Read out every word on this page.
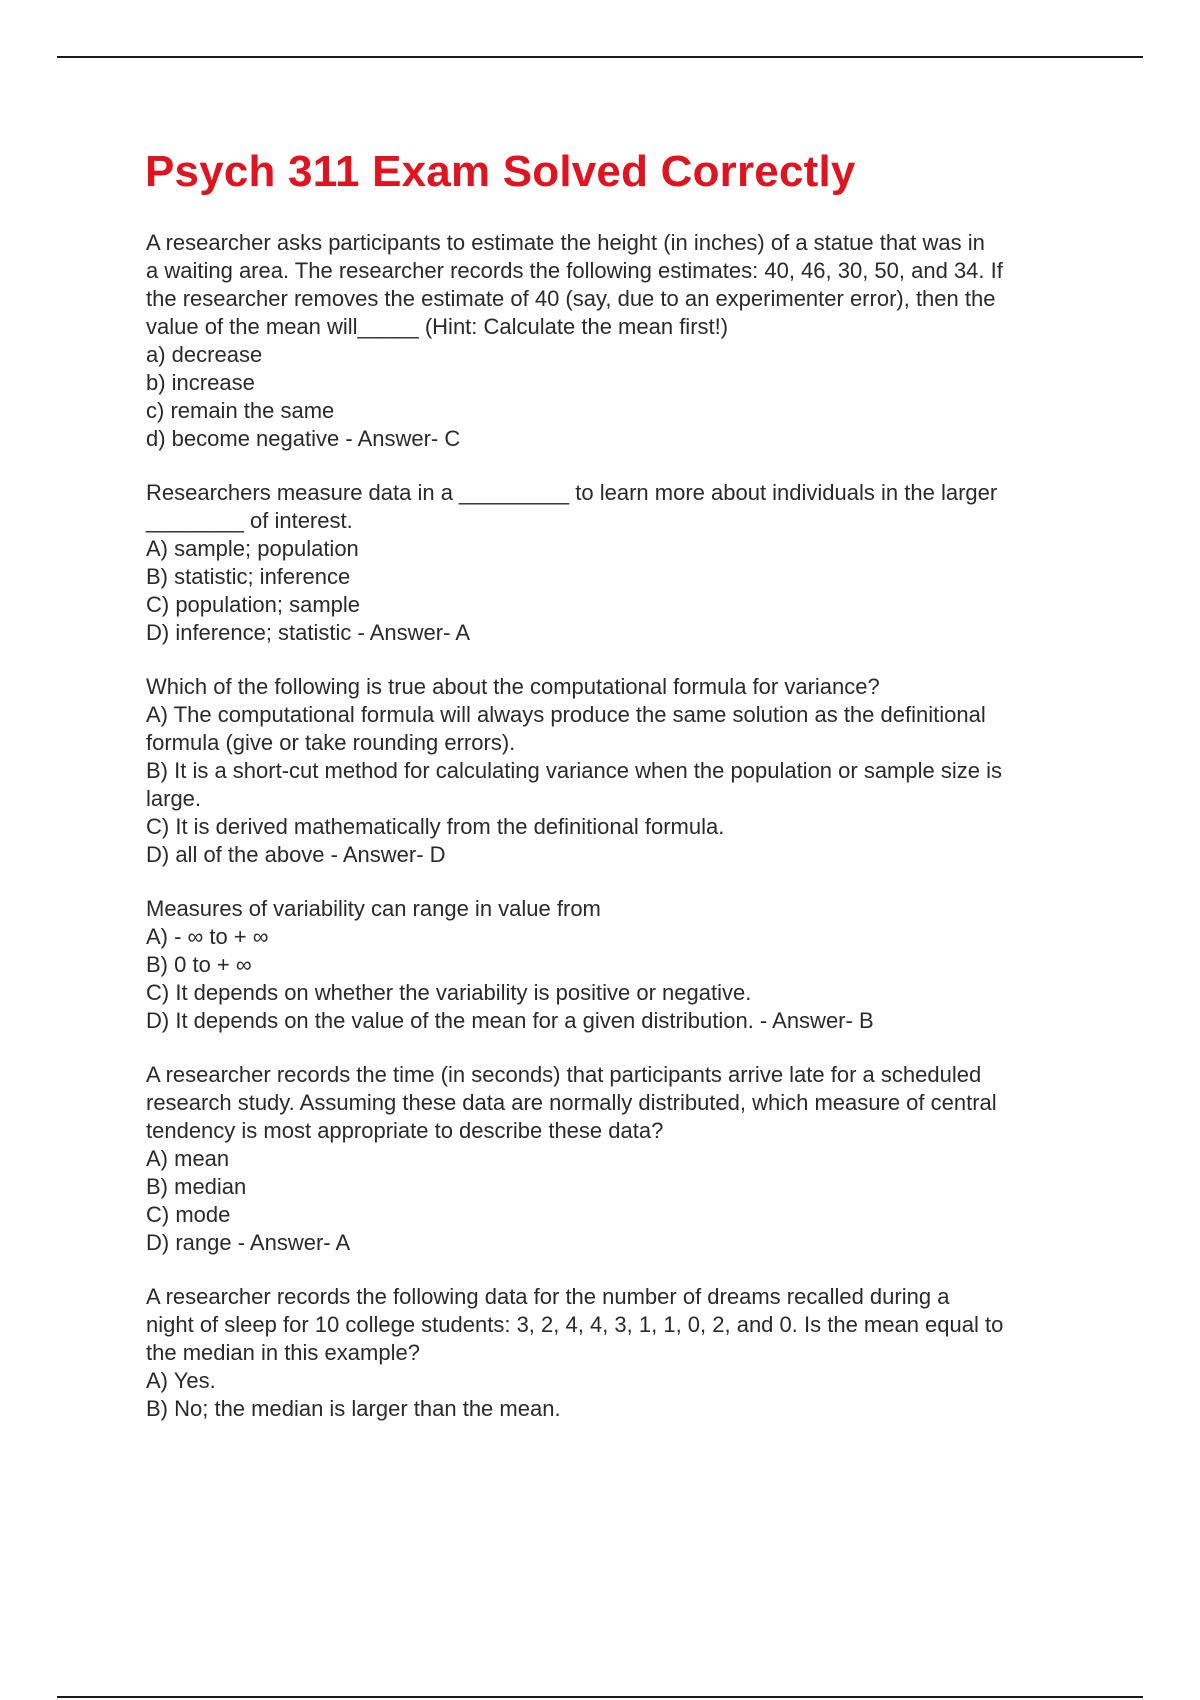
Psych 311 Exam Solved Correctly
A researcher asks participants to estimate the height (in inches) of a statue that was in
a waiting area. The researcher records the following estimates: 40, 46, 30, 50, and 34. If
the researcher removes the estimate of 40 (say, due to an experimenter error), then the
value of the mean will_____ (Hint: Calculate the mean first!)
a) decrease
b) increase
c) remain the same
d) become negative - Answer- C
Researchers measure data in a _________ to learn more about individuals in the larger
________ of interest.
A) sample; population
B) statistic; inference
C) population; sample
D) inference; statistic - Answer- A
Which of the following is true about the computational formula for variance?
A) The computational formula will always produce the same solution as the definitional
formula (give or take rounding errors).
B) It is a short-cut method for calculating variance when the population or sample size is
large.
C) It is derived mathematically from the definitional formula.
D) all of the above - Answer- D
Measures of variability can range in value from
A) - ∞ to + ∞
B) 0 to + ∞
C) It depends on whether the variability is positive or negative.
D) It depends on the value of the mean for a given distribution. - Answer- B
A researcher records the time (in seconds) that participants arrive late for a scheduled
research study. Assuming these data are normally distributed, which measure of central
tendency is most appropriate to describe these data?
A) mean
B) median
C) mode
D) range - Answer- A
A researcher records the following data for the number of dreams recalled during a
night of sleep for 10 college students: 3, 2, 4, 4, 3, 1, 1, 0, 2, and 0. Is the mean equal to
the median in this example?
A) Yes.
B) No; the median is larger than the mean.
